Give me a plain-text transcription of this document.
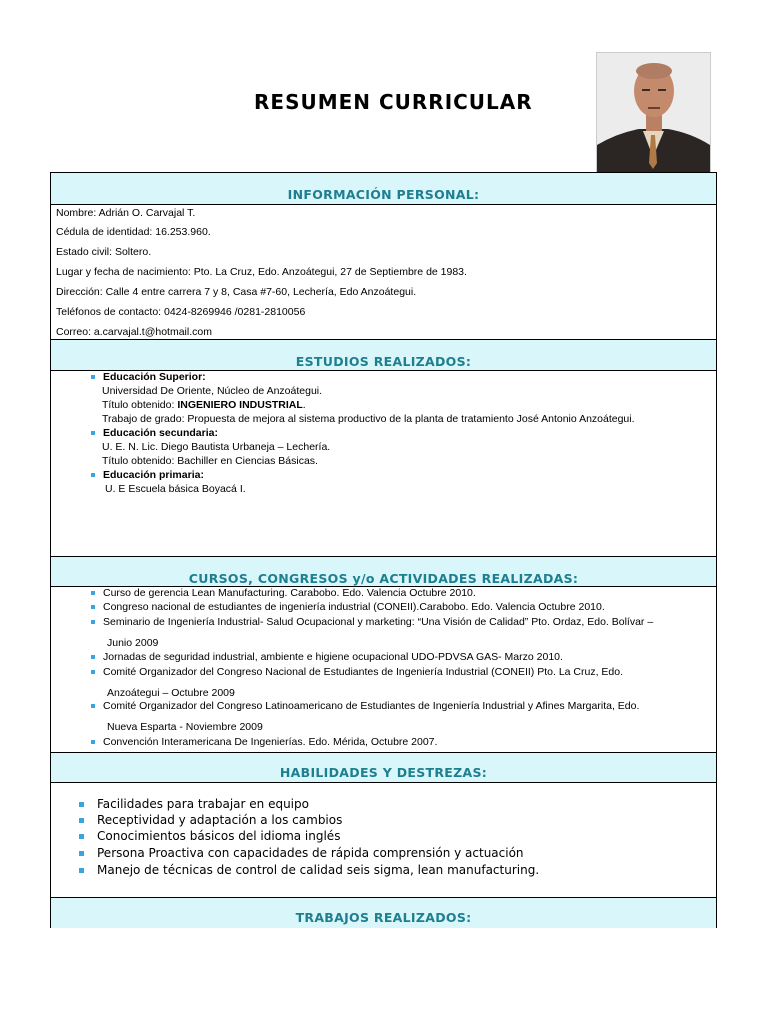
RESUMEN CURRICULAR
INFORMACIÓN PERSONAL:
Nombre: Adrián O. Carvajal T.
Cédula de identidad: 16.253.960.
Estado civil: Soltero.
Lugar y fecha de nacimiento: Pto. La Cruz, Edo. Anzoátegui, 27 de Septiembre de 1983.
Dirección: Calle 4 entre carrera 7 y 8, Casa #7-60, Lechería, Edo Anzoátegui.
Teléfonos de contacto: 0424-8269946 /0281-2810056
Correo: a.carvajal.t@hotmail.com
ESTUDIOS REALIZADOS:
Educación Superior:
Universidad De Oriente, Núcleo de Anzoátegui.
Título obtenido: INGENIERO INDUSTRIAL.
Trabajo de grado: Propuesta de mejora al sistema productivo de la planta de tratamiento José Antonio Anzoátegui.
Educación secundaria:
U. E. N. Lic. Diego Bautista Urbaneja – Lechería.
Título obtenido: Bachiller en Ciencias Básicas.
Educación primaria:
U. E Escuela básica Boyacá I.
CURSOS, CONGRESOS y/o ACTIVIDADES REALIZADAS:
Curso de gerencia Lean Manufacturing. Carabobo. Edo. Valencia Octubre 2010.
Congreso nacional de estudiantes de ingeniería industrial (CONEII).Carabobo. Edo. Valencia Octubre 2010.
Seminario de Ingeniería Industrial- Salud Ocupacional y marketing: “Una Visión de Calidad” Pto. Ordaz, Edo. Bolívar –
Junio 2009
Jornadas de seguridad industrial, ambiente e higiene ocupacional UDO-PDVSA GAS- Marzo 2010.
Comité Organizador del Congreso Nacional de Estudiantes de Ingeniería Industrial (CONEII) Pto. La Cruz, Edo.
Anzoátegui – Octubre 2009
Comité Organizador del Congreso Latinoamericano de Estudiantes de Ingeniería Industrial y Afines Margarita, Edo.
Nueva Esparta - Noviembre 2009
Convención Interamericana De Ingenierías. Edo. Mérida, Octubre 2007.
HABILIDADES Y DESTREZAS:
Facilidades para trabajar en equipo
Receptividad y adaptación a los cambios
Conocimientos básicos del idioma inglés
Persona Proactiva con capacidades de rápida comprensión y actuación
Manejo de técnicas de control de calidad seis sigma, lean manufacturing.
TRABAJOS REALIZADOS:
